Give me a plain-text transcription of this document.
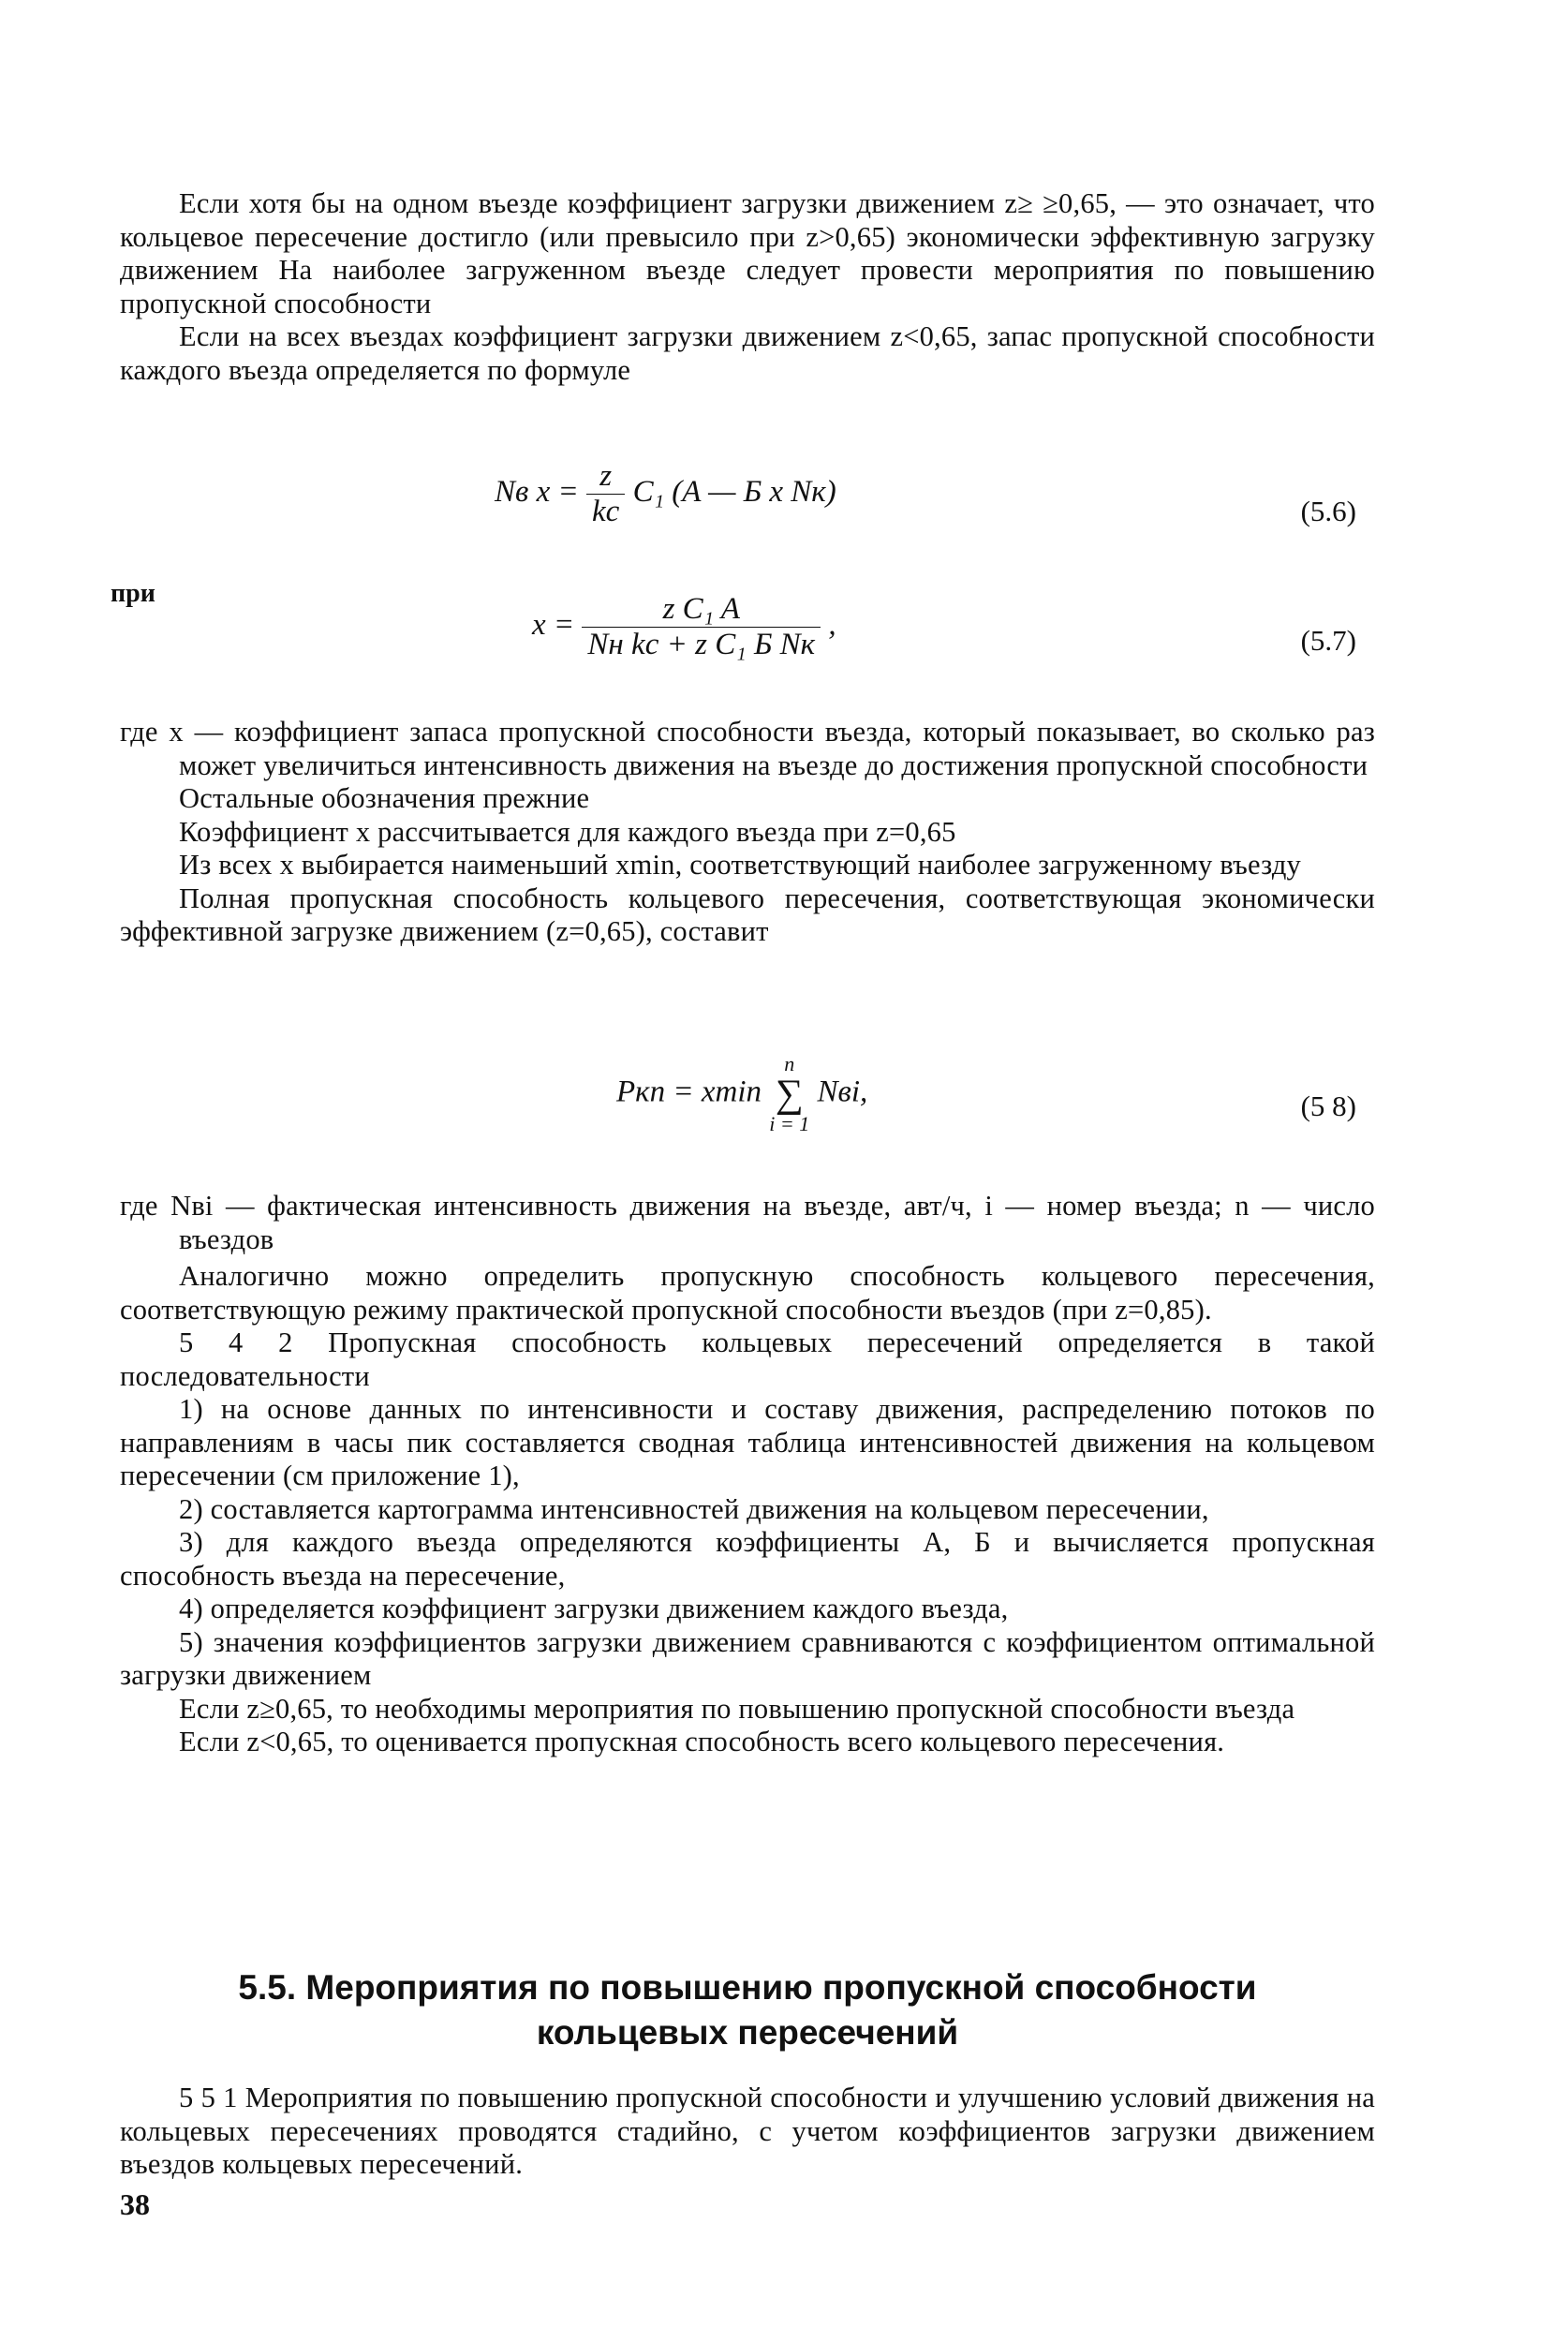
Если хотя бы на одном въезде коэффициент загрузки движением z≥ ≥0,65, — это означает, что кольцевое пересечение достигло (или превысило при z>0,65) экономически эффективную загрузку движением На наиболее загруженном въезде следует провести мероприятия по повышению пропускной способности

Если на всех въездах коэффициент загрузки движением z<0,65, запас пропускной способности каждого въезда определяется по формуле

Nв $x = \frac{z}{kс} C_1$ (A — Б x Nк)
(5.6)
при
$x = \frac{\text{z C₁ A}}{\text{Nн kс + z C₁ Б Nк}}$ ,	(5.7)

где x — коэффициент запаса пропускной способности въезда, который показывает, во сколько раз может увеличиться интенсивность движения на въезде до достижения пропускной способности

Остальные обозначения прежние

Коэффициент x рассчитывается для каждого въезда при z=0,65

Из всех x выбирается наименьший xmin, соответствующий наиболее загруженному въезду

Полная пропускная способность кольцевого пересечения, соответствующая экономически эффективной загрузке движением (z=0,65), составит

Pкп = xmin
n
∑
i = 1
Nвi,	(5 8)

где Nвi — фактическая интенсивность движения на въезде, авт/ч, i — номер въезда; n — число въездов

Аналогично можно определить пропускную способность кольцевого пересечения, соответствующую режиму практической пропускной способности въездов (при z=0,85).

5 4 2 Пропускная способность кольцевых пересечений определяется в такой последовательности

1) на основе данных по интенсивности и составу движения, распределению потоков по направлениям в часы пик составляется сводная таблица интенсивностей движения на кольцевом пересечении (см приложение 1),

2) составляется картограмма интенсивностей движения на кольцевом пересечении,

3) для каждого въезда определяются коэффициенты A, Б и вычисляется пропускная способность въезда на пересечение,

4) определяется коэффициент загрузки движением каждого въезда,

5) значения коэффициентов загрузки движением сравниваются с коэффициентом оптимальной загрузки движением

Если z≥0,65, то необходимы мероприятия по повышению пропускной способности въезда

Если z<0,65, то оценивается пропускная способность всего кольцевого пересечения.

5.5. Мероприятия по повышению пропускной способности
кольцевых пересечений

5 5 1 Мероприятия по повышению пропускной способности и улучшению условий движения на кольцевых пересечениях проводятся стадийно, с учетом коэффициентов загрузки движением въездов кольцевых пересечений.

38
